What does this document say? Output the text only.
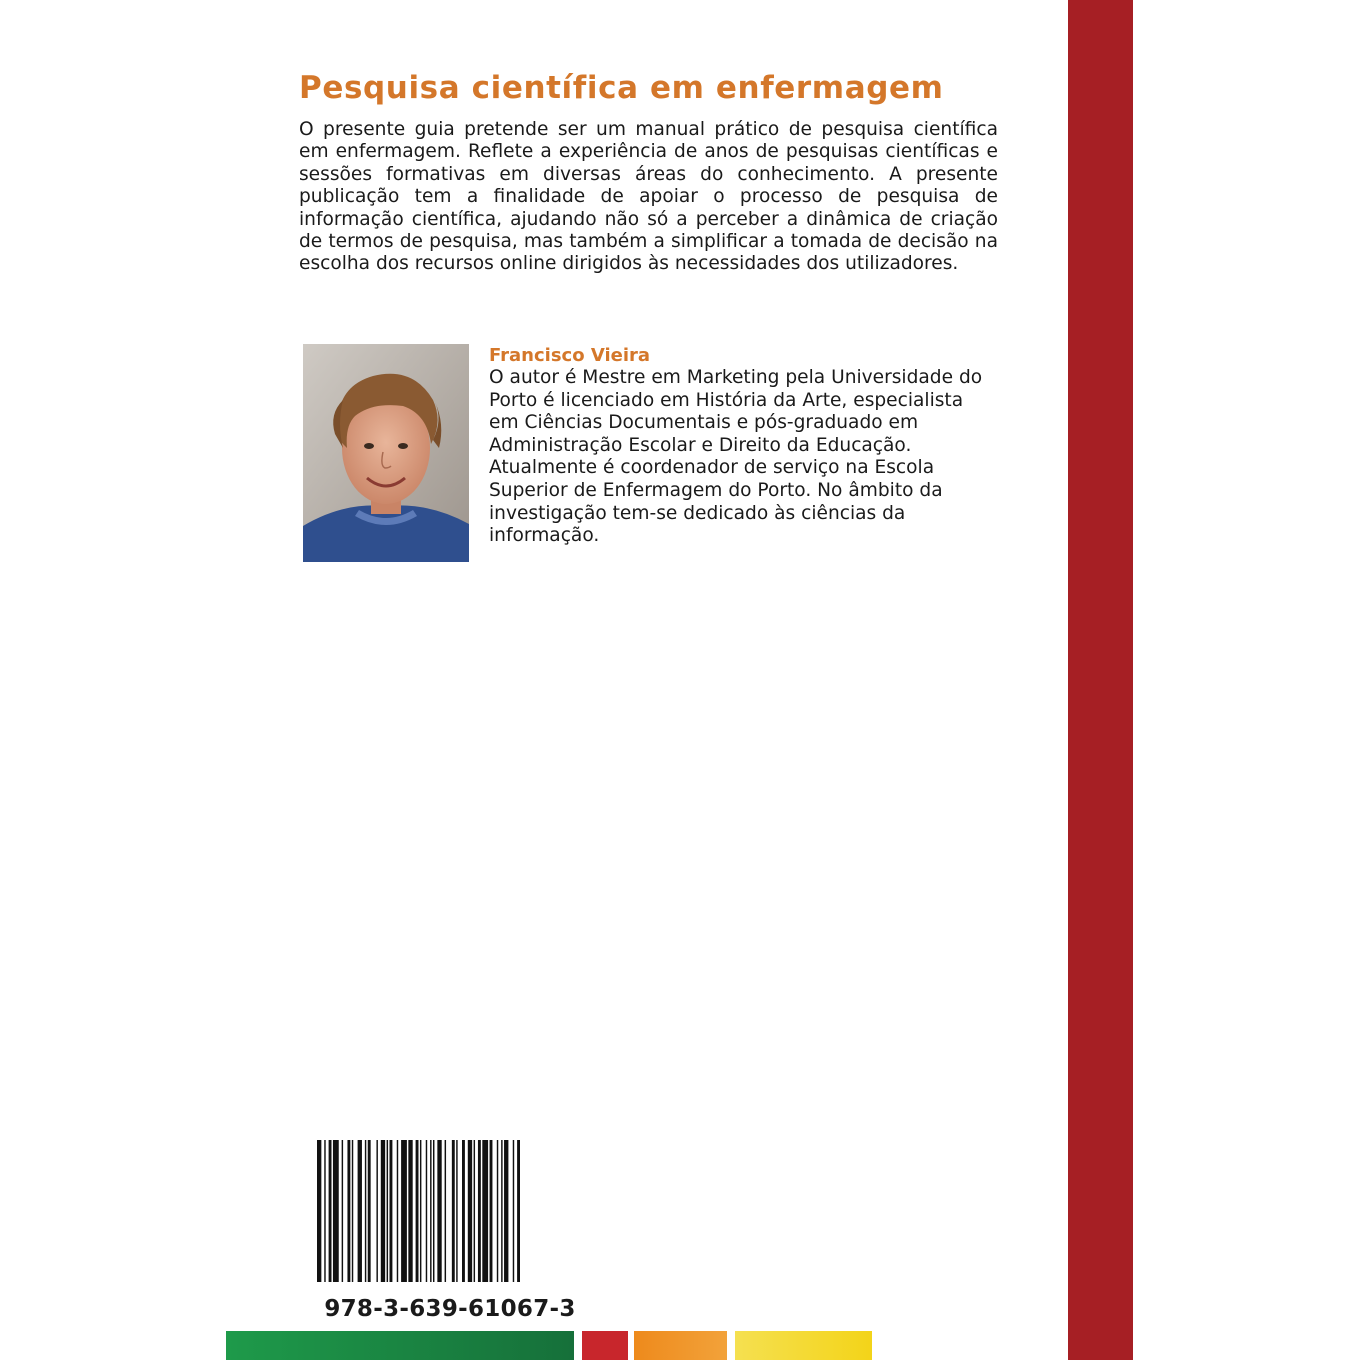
Pesquisa científica em enfermagem

O presente guia pretende ser um manual prático de pesquisa científica em enfermagem. Reflete a experiência de anos de pesquisas científicas e sessões formativas em diversas áreas do conhecimento. A presente publicação tem a finalidade de apoiar o processo de pesquisa de informação científica, ajudando não só a perceber a dinâmica de criação de termos de pesquisa, mas também a simplificar a tomada de decisão na escolha dos recursos online dirigidos às necessidades dos utilizadores.

Francisco Vieira
O autor é Mestre em Marketing pela Universidade do
Porto é licenciado em História da Arte, especialista
em Ciências Documentais e pós-graduado em
Administração Escolar e Direito da Educação.
Atualmente é coordenador de serviço na Escola
Superior de Enfermagem do Porto. No âmbito da
investigação tem-se dedicado às ciências da
informação.

978-3-639-61067-3
